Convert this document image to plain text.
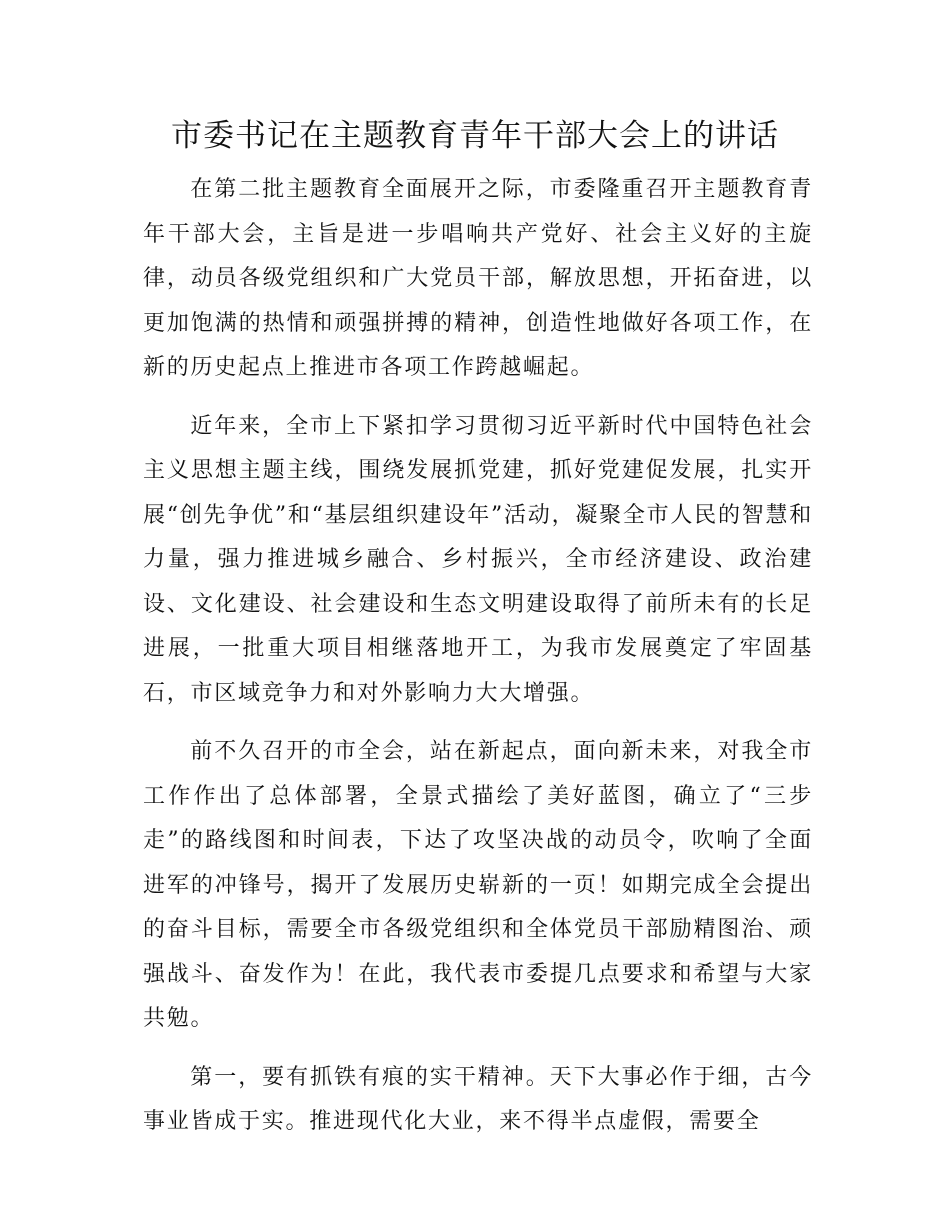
市委书记在主题教育青年干部大会上的讲话

在第二批主题教育全面展开之际，市委隆重召开主题教育青年干部大会，主旨是进一步唱响共产党好、社会主义好的主旋律，动员各级党组织和广大党员干部，解放思想，开拓奋进，以更加饱满的热情和顽强拼搏的精神，创造性地做好各项工作，在新的历史起点上推进市各项工作跨越崛起。

近年来，全市上下紧扣学习贯彻习近平新时代中国特色社会主义思想主题主线，围绕发展抓党建，抓好党建促发展，扎实开展“创先争优”和“基层组织建设年”活动，凝聚全市人民的智慧和力量，强力推进城乡融合、乡村振兴，全市经济建设、政治建设、文化建设、社会建设和生态文明建设取得了前所未有的长足进展，一批重大项目相继落地开工，为我市发展奠定了牢固基石，市区域竞争力和对外影响力大大增强。

前不久召开的市全会，站在新起点，面向新未来，对我全市工作作出了总体部署，全景式描绘了美好蓝图，确立了“三步走”的路线图和时间表，下达了攻坚决战的动员令，吹响了全面进军的冲锋号，揭开了发展历史崭新的一页！如期完成全会提出的奋斗目标，需要全市各级党组织和全体党员干部励精图治、顽强战斗、奋发作为！在此，我代表市委提几点要求和希望与大家共勉。

第一，要有抓铁有痕的实干精神。天下大事必作于细，古今事业皆成于实。推进现代化大业，来不得半点虚假，需要全
